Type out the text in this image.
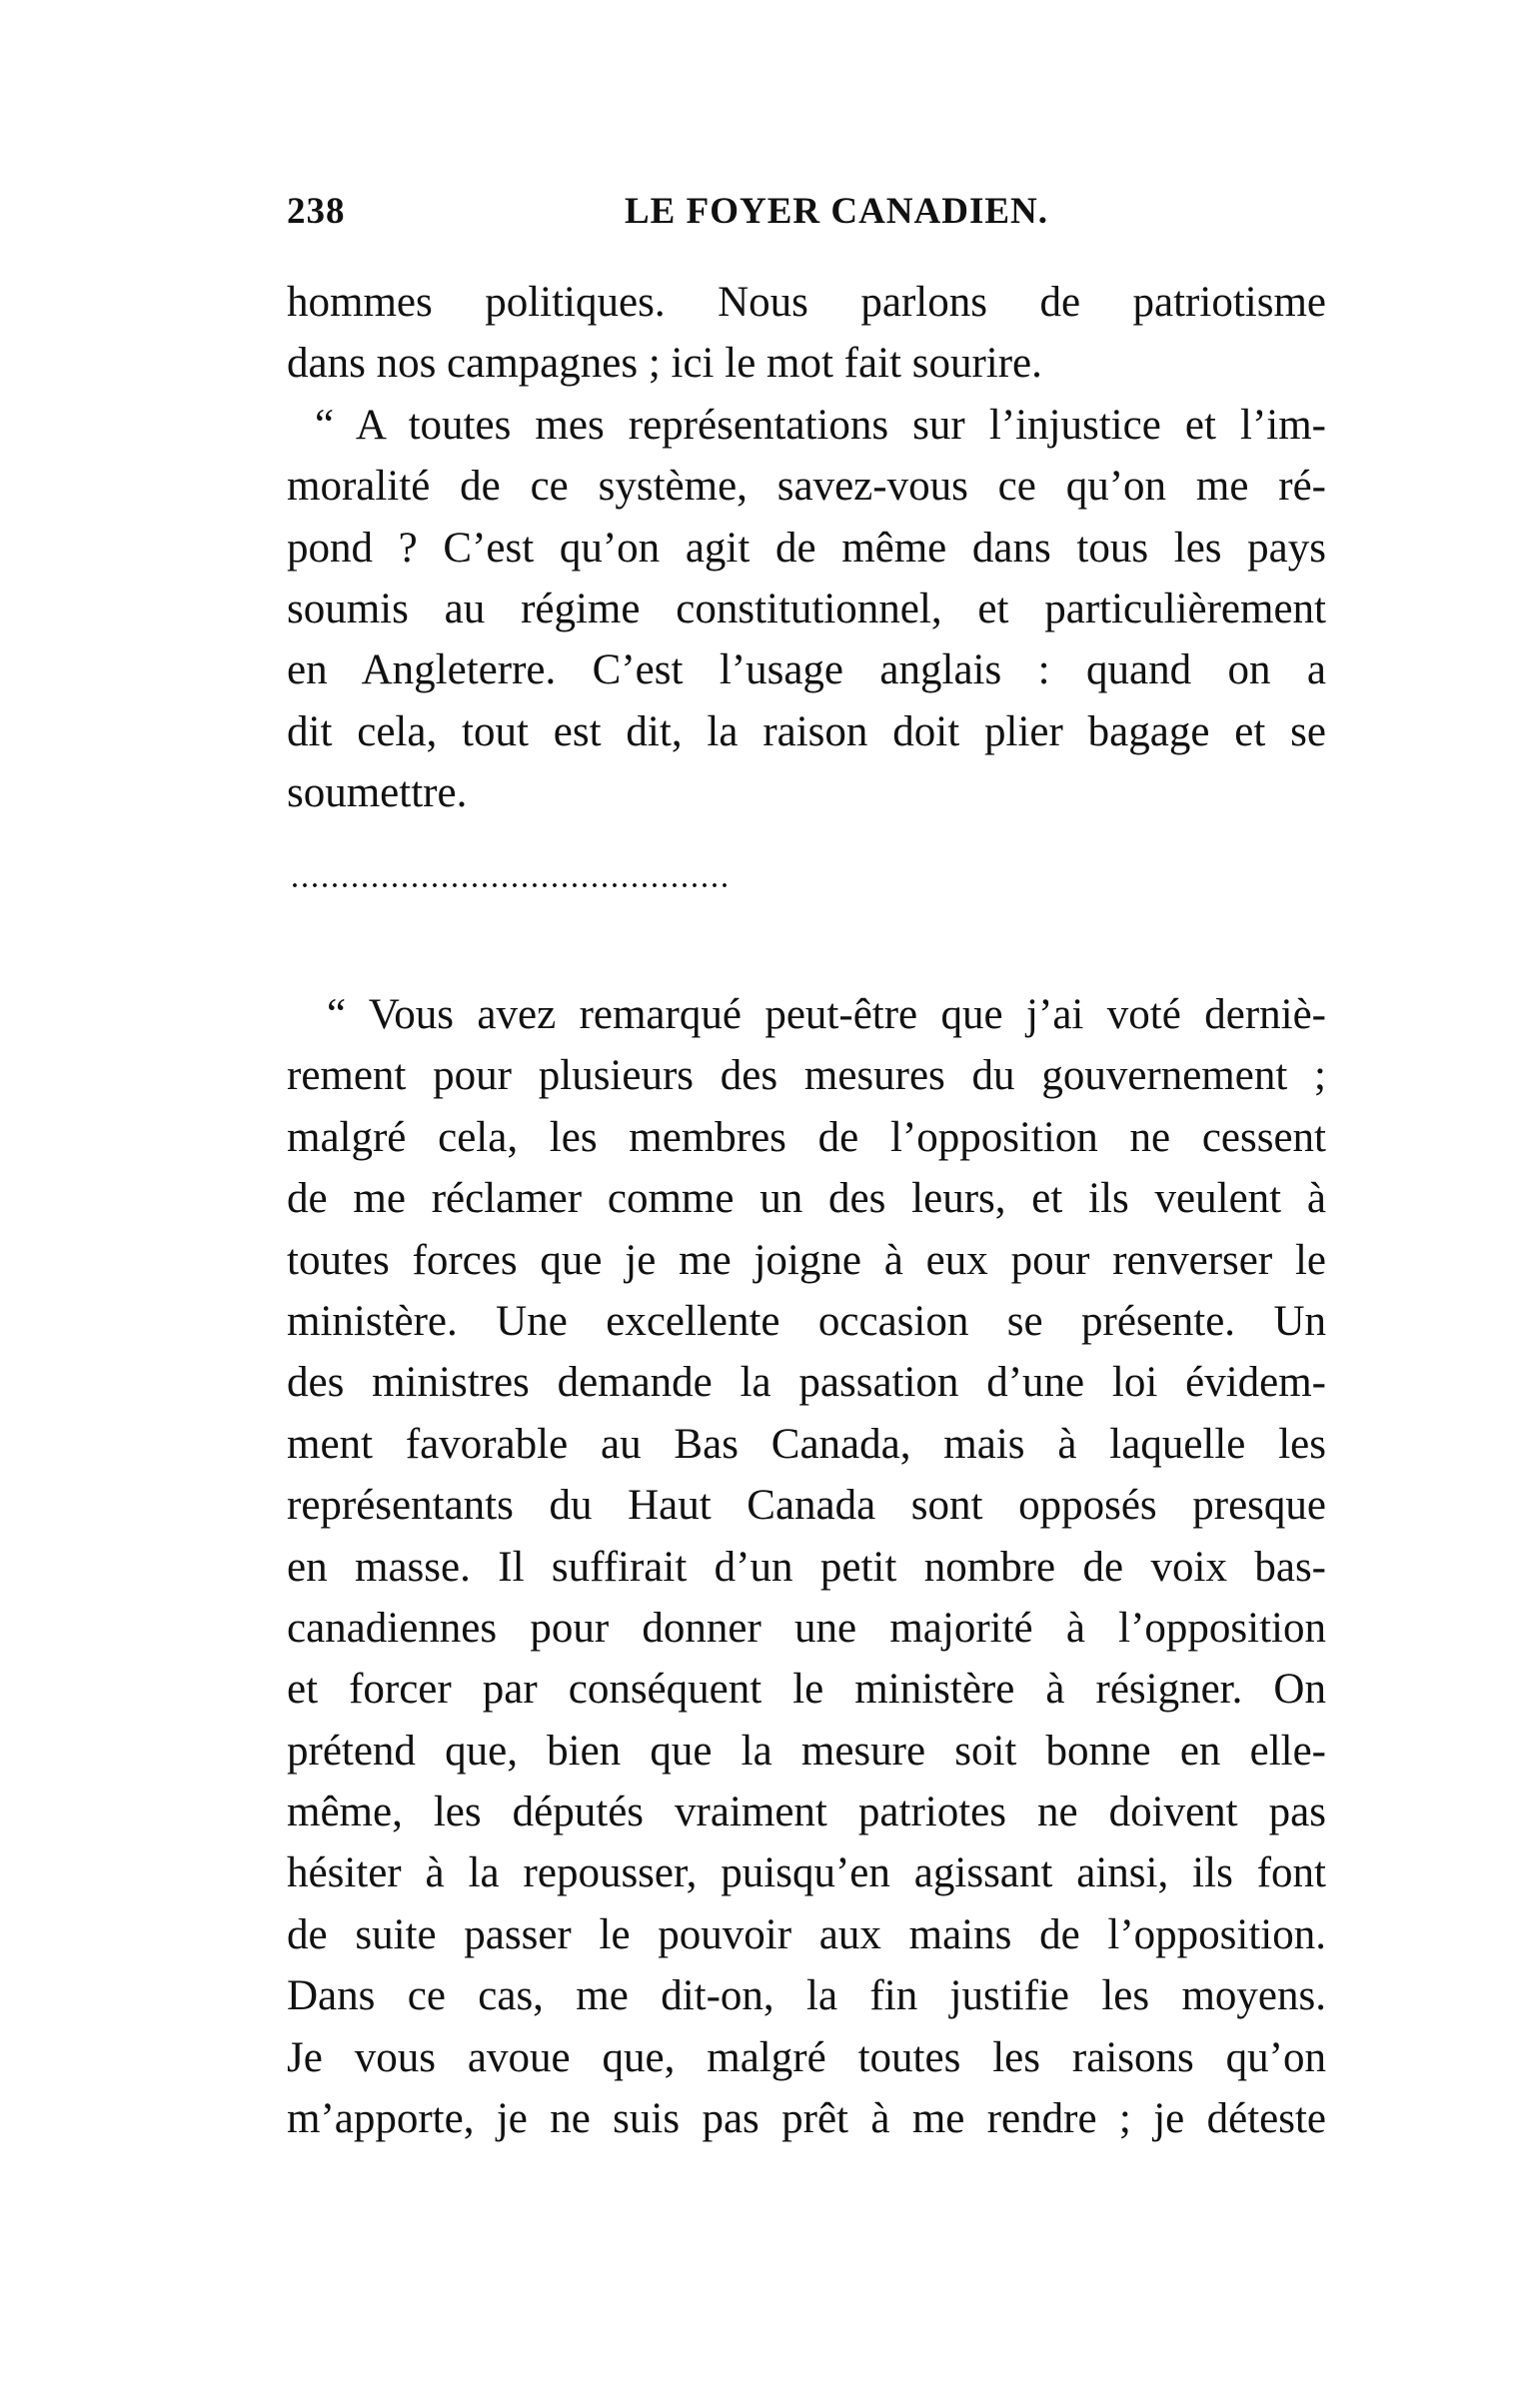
238	LE FOYER CANADIEN.
hommes politiques. Nous parlons de patriotisme
dans nos campagnes ; ici le mot fait sourire.
“ A toutes mes représentations sur l’injustice et l’im-
moralité de ce système, savez-vous ce qu’on me ré-
pond ? C’est qu’on agit de même dans tous les pays
soumis au régime constitutionnel, et particulièrement
en Angleterre. C’est l’usage anglais : quand on a
dit cela, tout est dit, la raison doit plier bagage et se
soumettre.
............................................
“ Vous avez remarqué peut-être que j’ai voté derniè-
rement pour plusieurs des mesures du gouvernement ;
malgré cela, les membres de l’opposition ne cessent
de me réclamer comme un des leurs, et ils veulent à
toutes forces que je me joigne à eux pour renverser le
ministère. Une excellente occasion se présente. Un
des ministres demande la passation d’une loi évidem-
ment favorable au Bas Canada, mais à laquelle les
représentants du Haut Canada sont opposés presque
en masse. Il suffirait d’un petit nombre de voix bas-
canadiennes pour donner une majorité à l’opposition
et forcer par conséquent le ministère à résigner. On
prétend que, bien que la mesure soit bonne en elle-
même, les députés vraiment patriotes ne doivent pas
hésiter à la repousser, puisqu’en agissant ainsi, ils font
de suite passer le pouvoir aux mains de l’opposition.
Dans ce cas, me dit-on, la fin justifie les moyens.
Je vous avoue que, malgré toutes les raisons qu’on
m’apporte, je ne suis pas prêt à me rendre ; je déteste
